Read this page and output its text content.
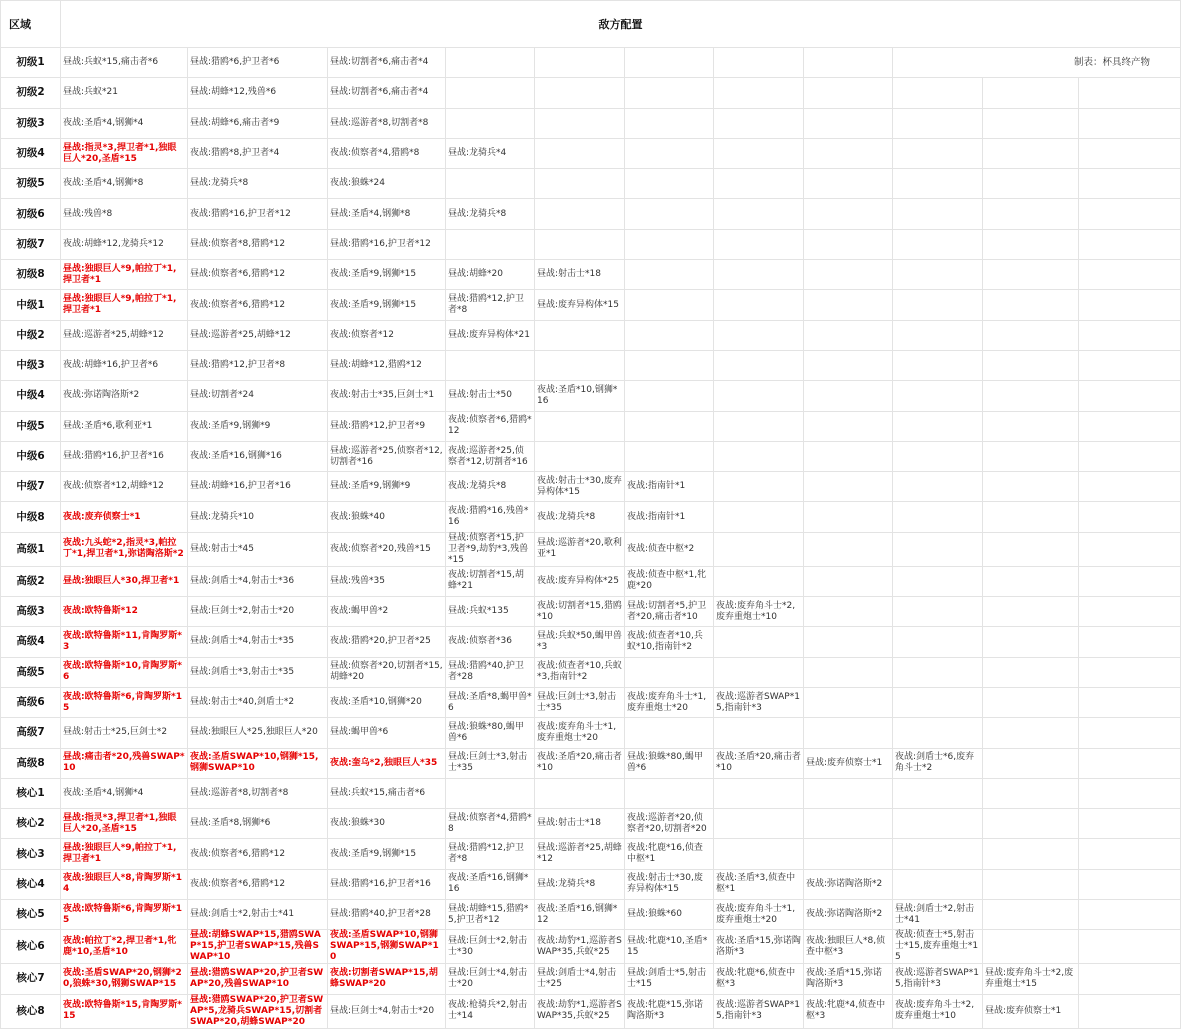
区域	敌方配置										
初级1	昼战:兵蚁*15,痛击者*6	昼战:猎鸥*6,护卫者*6	昼战:切割者*6,痛击者*4						制表：杯具终产物		
初级2	昼战:兵蚁*21	昼战:胡蜂*12,残兽*6	昼战:切割者*6,痛击者*4								
初级3	夜战:圣盾*4,钢狮*4	昼战:胡蜂*6,痛击者*9	昼战:巡游者*8,切割者*8								
初级4	昼战:指灵*3,捍卫者*1,独眼巨人*20,圣盾*15	夜战:猎鸥*8,护卫者*4	夜战:侦察者*4,猎鸥*8	昼战:龙骑兵*4							
初级5	夜战:圣盾*4,钢狮*8	昼战:龙骑兵*8	夜战:狼蛛*24								
初级6	昼战:残兽*8	夜战:猎鸥*16,护卫者*12	昼战:圣盾*4,钢狮*8	昼战:龙骑兵*8							
初级7	夜战:胡蜂*12,龙骑兵*12	昼战:侦察者*8,猎鸥*12	昼战:猎鸥*16,护卫者*12								
初级8	昼战:独眼巨人*9,帕拉丁*1,捍卫者*1	昼战:侦察者*6,猎鸥*12	夜战:圣盾*9,钢狮*15	昼战:胡蜂*20	昼战:射击士*18						
中级1	昼战:独眼巨人*9,帕拉丁*1,捍卫者*1	夜战:侦察者*6,猎鸥*12	夜战:圣盾*9,钢狮*15	昼战:猎鸥*12,护卫者*8	昼战:废弃异构体*15						
中级2	昼战:巡游者*25,胡蜂*12	昼战:巡游者*25,胡蜂*12	夜战:侦察者*12	昼战:废弃异构体*21							
中级3	夜战:胡蜂*16,护卫者*6	昼战:猎鸥*12,护卫者*8	昼战:胡蜂*12,猎鸥*12								
中级4	夜战:弥诺陶洛斯*2	昼战:切割者*24	夜战:射击士*35,巨剑士*1	昼战:射击士*50	夜战:圣盾*10,钢狮*16						
中级5	昼战:圣盾*6,歌利亚*1	夜战:圣盾*9,钢狮*9	昼战:猎鸥*12,护卫者*9	夜战:侦察者*6,猎鸥*12							
中级6	昼战:猎鸥*16,护卫者*16	夜战:圣盾*16,钢狮*16	昼战:巡游者*25,侦察者*12,切割者*16	夜战:巡游者*25,侦察者*12,切割者*16							
中级7	夜战:侦察者*12,胡蜂*12	昼战:胡蜂*16,护卫者*16	昼战:圣盾*9,钢狮*9	夜战:龙骑兵*8	夜战:射击士*30,废弃异构体*15	夜战:指南针*1					
中级8	夜战:废弃侦察士*1	昼战:龙骑兵*10	夜战:狼蛛*40	夜战:猎鸥*16,残兽*16	夜战:龙骑兵*8	夜战:指南针*1					
高级1	夜战:九头蛇*2,指灵*3,帕拉丁*1,捍卫者*1,弥诺陶洛斯*2	昼战:射击士*45	夜战:侦察者*20,残兽*15	昼战:侦察者*15,护卫者*9,劫豹*3,残兽*15	昼战:巡游者*20,歌利亚*1	夜战:侦查中枢*2					
高级2	昼战:独眼巨人*30,捍卫者*1	昼战:剑盾士*4,射击士*36	昼战:残兽*35	夜战:切割者*15,胡蜂*21	夜战:废弃异构体*25	夜战:侦查中枢*1,牝鹿*20					
高级3	夜战:欧特鲁斯*12	昼战:巨剑士*2,射击士*20	夜战:蝎甲兽*2	昼战:兵蚁*135	夜战:切割者*15,猎鸥*10	昼战:切割者*5,护卫者*20,痛击者*10	夜战:废弃角斗士*2,废弃重炮士*10				
高级4	夜战:欧特鲁斯*11,肯陶罗斯*3	昼战:剑盾士*4,射击士*35	夜战:猎鸥*20,护卫者*25	夜战:侦察者*36	昼战:兵蚁*50,蝎甲兽*3	夜战:侦查者*10,兵蚁*10,指南针*2					
高级5	夜战:欧特鲁斯*10,肯陶罗斯*6	昼战:剑盾士*3,射击士*35	昼战:侦察者*20,切割者*15,胡蜂*20	昼战:猎鸥*40,护卫者*28	夜战:侦查者*10,兵蚁*3,指南针*2						
高级6	夜战:欧特鲁斯*6,肯陶罗斯*15	昼战:射击士*40,剑盾士*2	夜战:圣盾*10,钢狮*20	昼战:圣盾*8,蝎甲兽*6	昼战:巨剑士*3,射击士*35	夜战:废弃角斗士*1,废弃重炮士*20	夜战:巡游者SWAP*15,指南针*3				
高级7	昼战:射击士*25,巨剑士*2	昼战:独眼巨人*25,独眼巨人*20	昼战:蝎甲兽*6	昼战:狼蛛*80,蝎甲兽*6	夜战:废弃角斗士*1,废弃重炮士*20						
高级8	昼战:痛击者*20,残兽SWAP*10	夜战:圣盾SWAP*10,钢狮*15,钢狮SWAP*10	夜战:奎乌*2,独眼巨人*35	昼战:巨剑士*3,射击士*35	夜战:圣盾*20,痛击者*10	昼战:狼蛛*80,蝎甲兽*6	夜战:圣盾*20,痛击者*10	昼战:废弃侦察士*1	夜战:剑盾士*6,废弃角斗士*2		
核心1	夜战:圣盾*4,钢狮*4	昼战:巡游者*8,切割者*8	昼战:兵蚁*15,痛击者*6								
核心2	昼战:指灵*3,捍卫者*1,独眼巨人*20,圣盾*15	昼战:圣盾*8,钢狮*6	夜战:狼蛛*30	昼战:侦察者*4,猎鸥*8	昼战:射击士*18	夜战:巡游者*20,侦察者*20,切割者*20					
核心3	昼战:独眼巨人*9,帕拉丁*1,捍卫者*1	夜战:侦察者*6,猎鸥*12	夜战:圣盾*9,钢狮*15	昼战:猎鸥*12,护卫者*8	昼战:巡游者*25,胡蜂*12	夜战:牝鹿*16,侦查中枢*1					
核心4	夜战:独眼巨人*8,肯陶罗斯*14	夜战:侦察者*6,猎鸥*12	昼战:猎鸥*16,护卫者*16	夜战:圣盾*16,钢狮*16	昼战:龙骑兵*8	夜战:射击士*30,废弃异构体*15	夜战:圣盾*3,侦查中枢*1	夜战:弥诺陶洛斯*2			
核心5	夜战:欧特鲁斯*6,肯陶罗斯*15	昼战:剑盾士*2,射击士*41	昼战:猎鸥*40,护卫者*28	昼战:胡蜂*15,猎鸥*5,护卫者*12	夜战:圣盾*16,钢狮*12	昼战:狼蛛*60	夜战:废弃角斗士*1,废弃重炮士*20	夜战:弥诺陶洛斯*2	昼战:剑盾士*2,射击士*41		
核心6	夜战:帕拉丁*2,捍卫者*1,牝鹿*10,圣盾*10	昼战:胡蜂SWAP*15,猎鸥SWAP*15,护卫者SWAP*15,残兽SWAP*10	夜战:圣盾SWAP*10,钢狮SWAP*15,钢狮SWAP*10	昼战:巨剑士*2,射击士*30	夜战:劫豹*1,巡游者SWAP*35,兵蚁*25	昼战:牝鹿*10,圣盾*15	夜战:圣盾*15,弥诺陶洛斯*3	夜战:独眼巨人*8,侦查中枢*3	夜战:侦查士*5,射击士*15,废弃重炮士*15		
核心7	夜战:圣盾SWAP*20,钢狮*20,狼蛛*30,钢狮SWAP*15	昼战:猎鸥SWAP*20,护卫者SWAP*20,残兽SWAP*10	夜战:切割者SWAP*15,胡蜂SWAP*20	昼战:巨剑士*4,射击士*20	昼战:剑盾士*4,射击士*25	昼战:剑盾士*5,射击士*15	夜战:牝鹿*6,侦查中枢*3	夜战:圣盾*15,弥诺陶洛斯*3	夜战:巡游者SWAP*15,指南针*3	昼战:废弃角斗士*2,废弃重炮士*15	
核心8	夜战:欧特鲁斯*15,肯陶罗斯*15	昼战:猎鸥SWAP*20,护卫者SWAP*5,龙骑兵SWAP*15,切割者SWAP*20,胡蜂SWAP*20	昼战:巨剑士*4,射击士*20	夜战:枪骑兵*2,射击士*14	夜战:劫豹*1,巡游者SWAP*35,兵蚁*25	夜战:牝鹿*15,弥诺陶洛斯*3	夜战:巡游者SWAP*15,指南针*3	夜战:牝鹿*4,侦查中枢*3	夜战:废弃角斗士*2,废弃重炮士*10	昼战:废弃侦察士*1	
